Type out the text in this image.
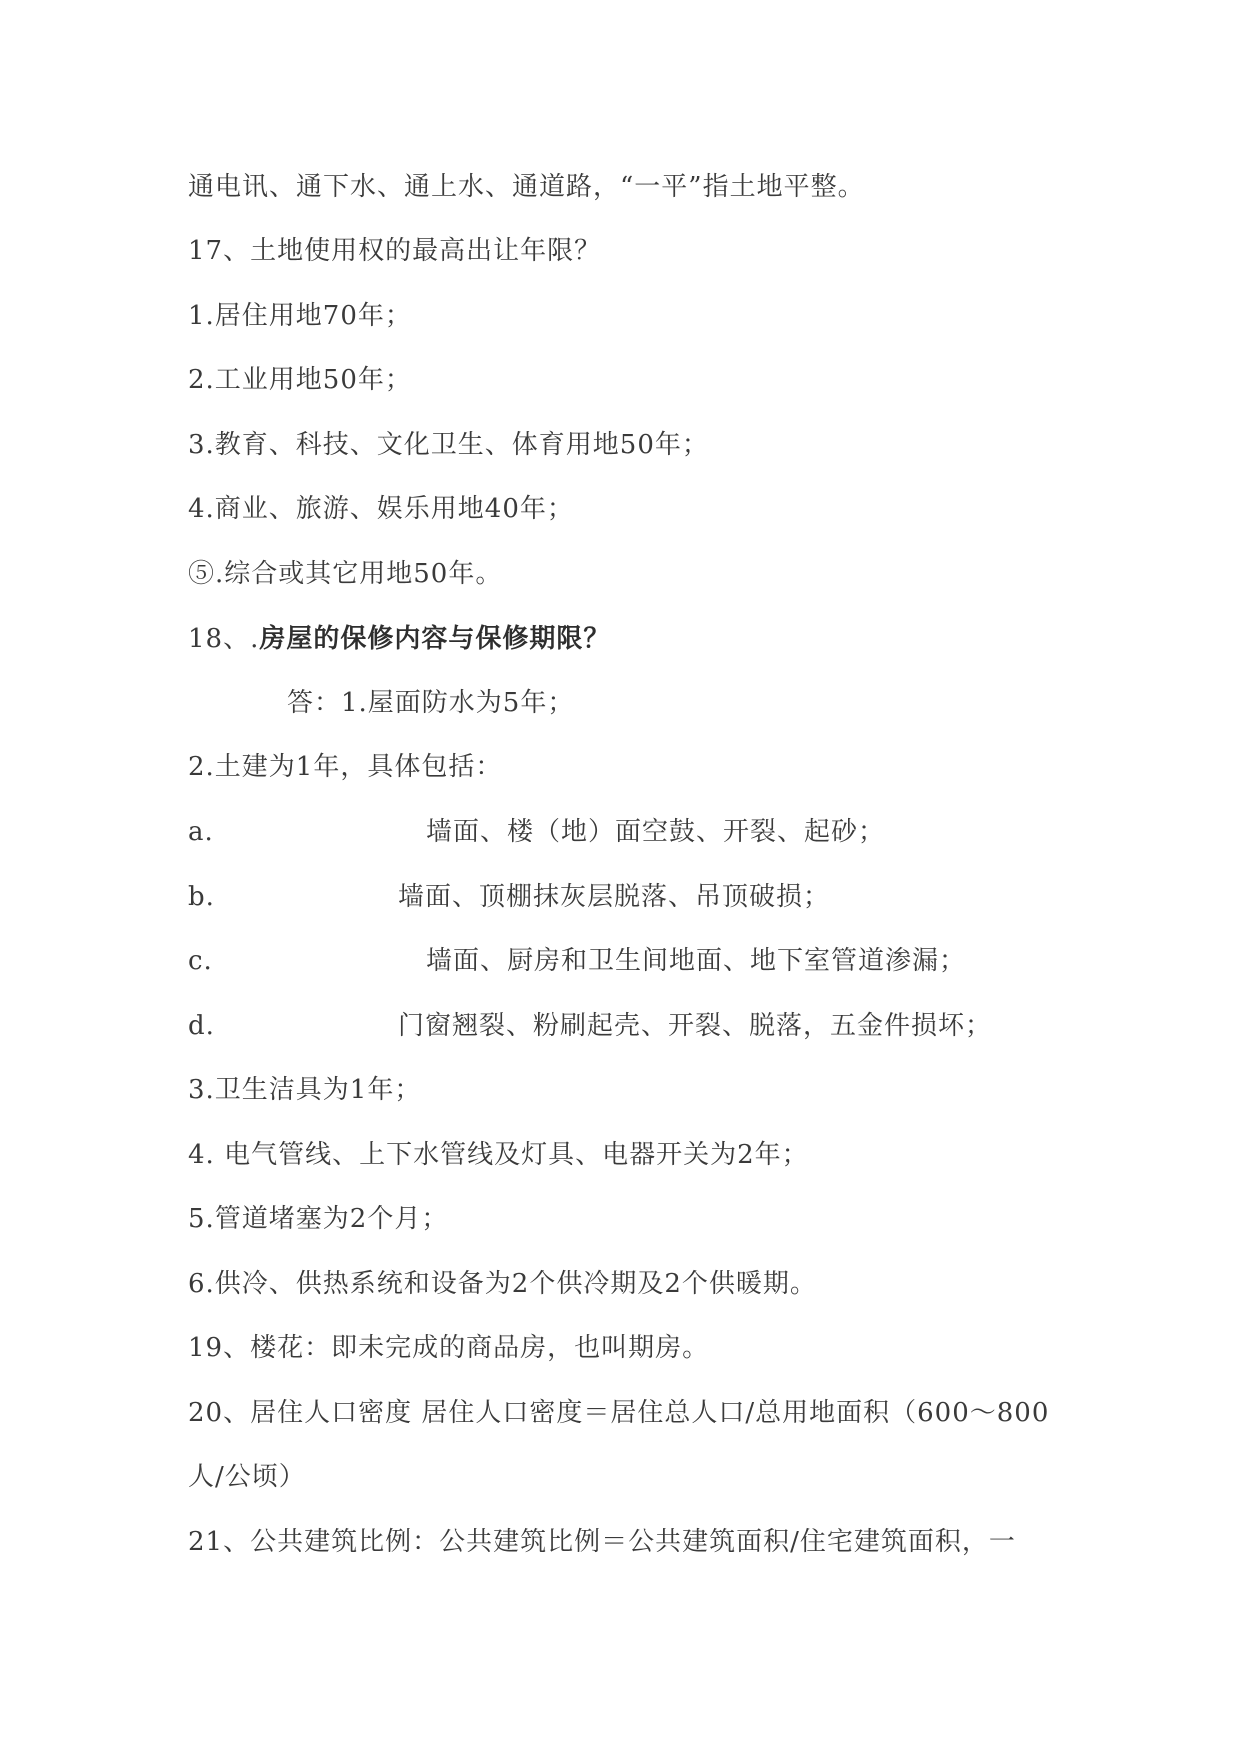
通电讯、通下水、通上水、通道路，“一平”指土地平整。
17、土地使用权的最高出让年限？
1.居住用地70年；
2.工业用地50年；
3.教育、科技、文化卫生、体育用地50年；
4.商业、旅游、娱乐用地40年；
⑤.综合或其它用地50年。
18、.房屋的保修内容与保修期限？
答：1.屋面防水为5年；
2.土建为1年，具体包括：
a.	墙面、楼（地）面空鼓、开裂、起砂；
b.	墙面、顶棚抹灰层脱落、吊顶破损；
c.	墙面、厨房和卫生间地面、地下室管道渗漏；
d.	门窗翘裂、粉刷起壳、开裂、脱落，五金件损坏；
3.卫生洁具为1年；
4. 电气管线、上下水管线及灯具、电器开关为2年；
5.管道堵塞为2个月；
6.供冷、供热系统和设备为2个供冷期及2个供暖期。
19、楼花：即未完成的商品房，也叫期房。
20、居住人口密度 居住人口密度＝居住总人口/总用地面积（600～800
人/公顷）
21、公共建筑比例：公共建筑比例＝公共建筑面积/住宅建筑面积，一
